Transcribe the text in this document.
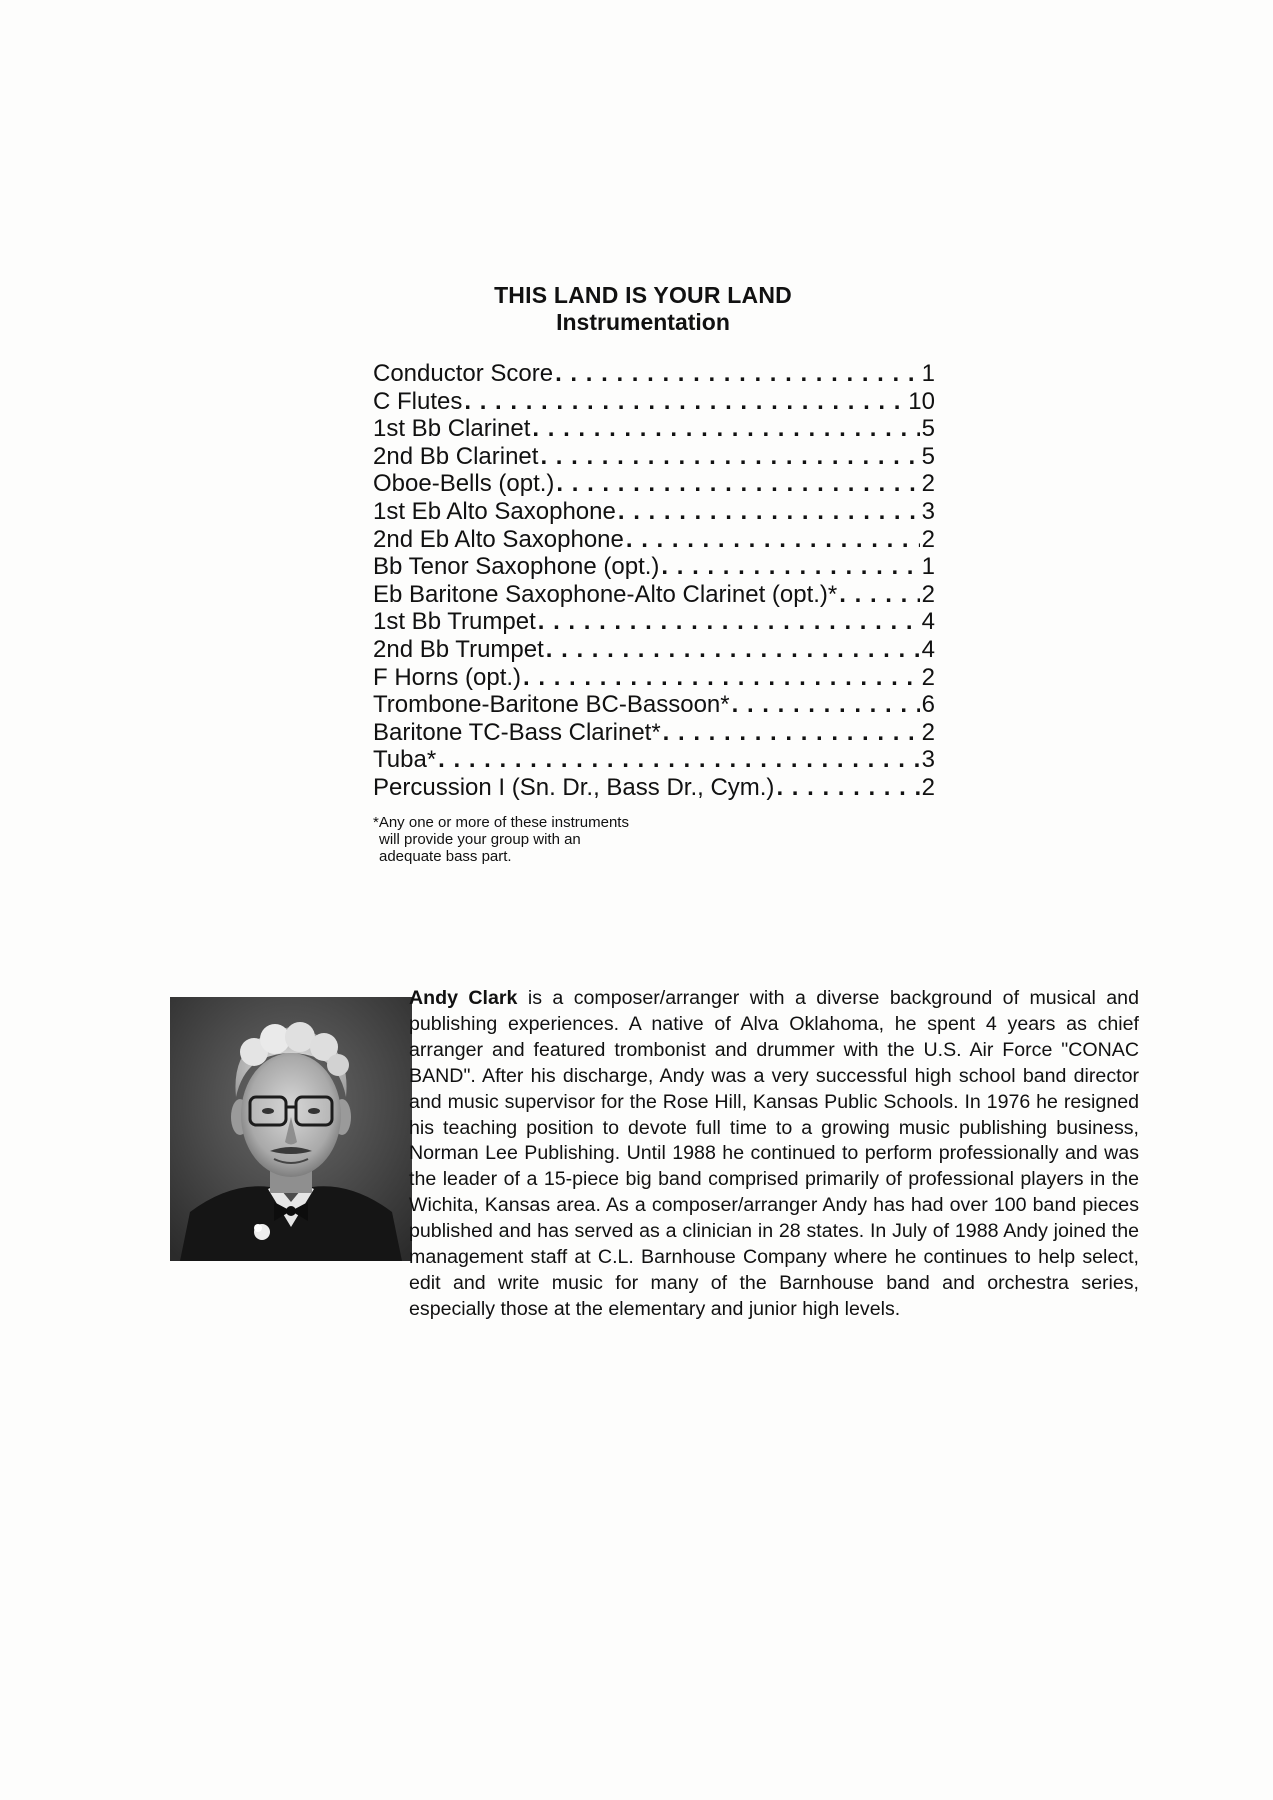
THIS LAND IS YOUR LAND
Instrumentation
Conductor Score . . .	1
C Flutes . . .	10
1st Bb Clarinet . . .	5
2nd Bb Clarinet . . .	5
Oboe-Bells (opt.) . . .	2
1st Eb Alto Saxophone . . .	3
2nd Eb Alto Saxophone . . .	2
Bb Tenor Saxophone (opt.) . . .	1
Eb Baritone Saxophone-Alto Clarinet (opt.)* . . .	2
1st Bb Trumpet . . .	4
2nd Bb Trumpet . . .	4
F Horns (opt.) . . .	2
Trombone-Baritone BC-Bassoon* . . .	6
Baritone TC-Bass Clarinet* . . .	2
Tuba* . . .	3
Percussion I (Sn. Dr., Bass Dr., Cym.) . . .	2
*Any one or more of these instruments
will provide your group with an
adequate bass part.
Andy Clark is a composer/arranger with a diverse background of musical and publishing experiences. A native of Alva Oklahoma, he spent 4 years as chief arranger and featured trombonist and drummer with the U.S. Air Force "CONAC BAND". After his discharge, Andy was a very successful high school band director and music supervisor for the Rose Hill, Kansas Public Schools. In 1976 he resigned his teaching position to devote full time to a growing music publishing business, Norman Lee Publishing. Until 1988 he continued to perform professionally and was the leader of a 15-piece big band comprised primarily of professional players in the Wichita, Kansas area. As a composer/arranger Andy has had over 100 band pieces published and has served as a clinician in 28 states. In July of 1988 Andy joined the management staff at C.L. Barnhouse Company where he continues to help select, edit and write music for many of the Barnhouse band and orchestra series, especially those at the elementary and junior high levels.
